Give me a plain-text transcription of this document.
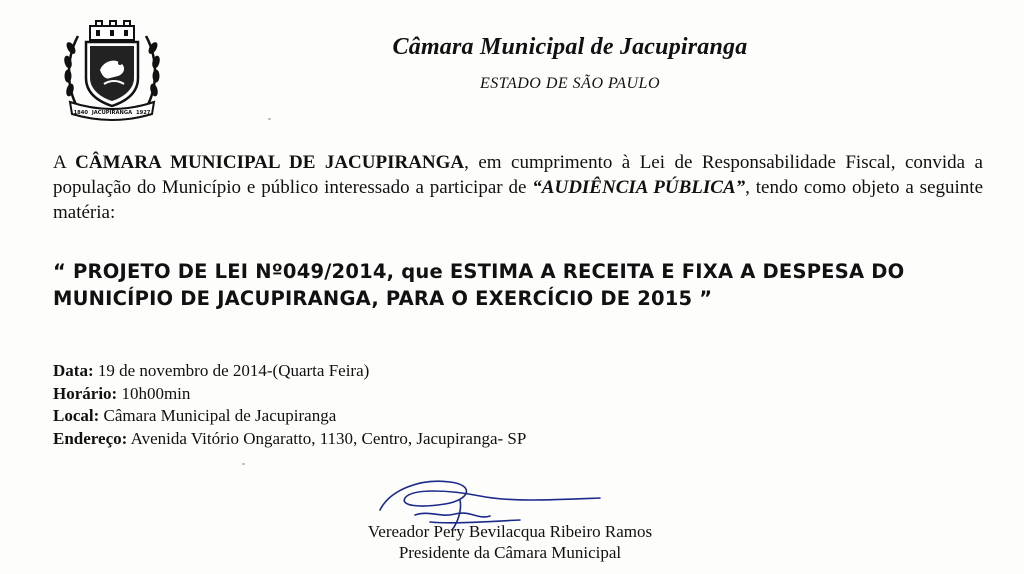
1840 JACUPIRANGA 1927
Câmara Municipal de Jacupiranga
ESTADO DE SÃO PAULO
A CÂMARA MUNICIPAL DE JACUPIRANGA, em cumprimento à Lei de Responsabilidade Fiscal, convida a população do Município e público interessado a participar de “AUDIÊNCIA PÚBLICA”, tendo como objeto a seguinte matéria:
“ PROJETO DE LEI Nº049/2014, que ESTIMA A RECEITA E FIXA A DESPESA DO
MUNICÍPIO DE JACUPIRANGA, PARA O EXERCÍCIO DE 2015 ”
Data: 19 de novembro de 2014-(Quarta Feira)
Horário: 10h00min
Local: Câmara Municipal de Jacupiranga
Endereço: Avenida Vitório Ongaratto, 1130, Centro, Jacupiranga- SP
Vereador Pery Bevilacqua Ribeiro Ramos
Presidente da Câmara Municipal
